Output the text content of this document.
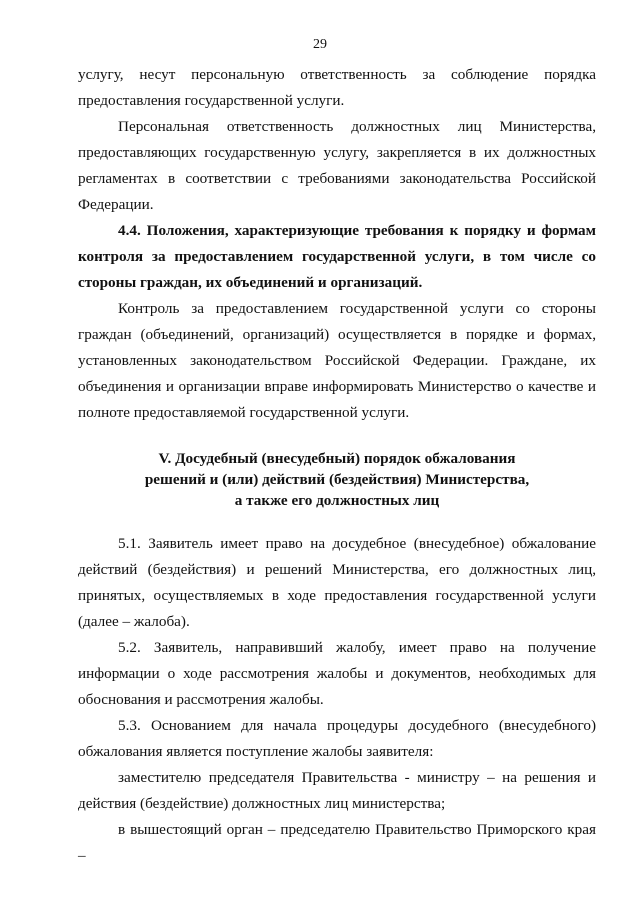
29

услугу, несут персональную ответственность за соблюдение порядка предоставления государственной услуги.

Персональная ответственность должностных лиц Министерства, предоставляющих государственную услугу, закрепляется в их должностных регламентах в соответствии с требованиями законодательства Российской Федерации.

4.4. Положения, характеризующие требования к порядку и формам контроля за предоставлением государственной услуги, в том числе со стороны граждан, их объединений и организаций.

Контроль за предоставлением государственной услуги со стороны граждан (объединений, организаций) осуществляется в порядке и формах, установленных законодательством Российской Федерации. Граждане, их объединения и организации вправе информировать Министерство о качестве и полноте предоставляемой государственной услуги.

V. Досудебный (внесудебный) порядок обжалования
решений и (или) действий (бездействия) Министерства,
а также его должностных лиц

5.1. Заявитель имеет право на досудебное (внесудебное) обжалование действий (бездействия) и решений Министерства, его должностных лиц, принятых, осуществляемых в ходе предоставления государственной услуги (далее – жалоба).

5.2. Заявитель, направивший жалобу, имеет право на получение информации о ходе рассмотрения жалобы и документов, необходимых для обоснования и рассмотрения жалобы.

5.3. Основанием для начала процедуры досудебного (внесудебного) обжалования является поступление жалобы заявителя:

заместителю председателя Правительства - министру – на решения и действия (бездействие) должностных лиц министерства;

в вышестоящий орган – председателю Правительство Приморского края –
